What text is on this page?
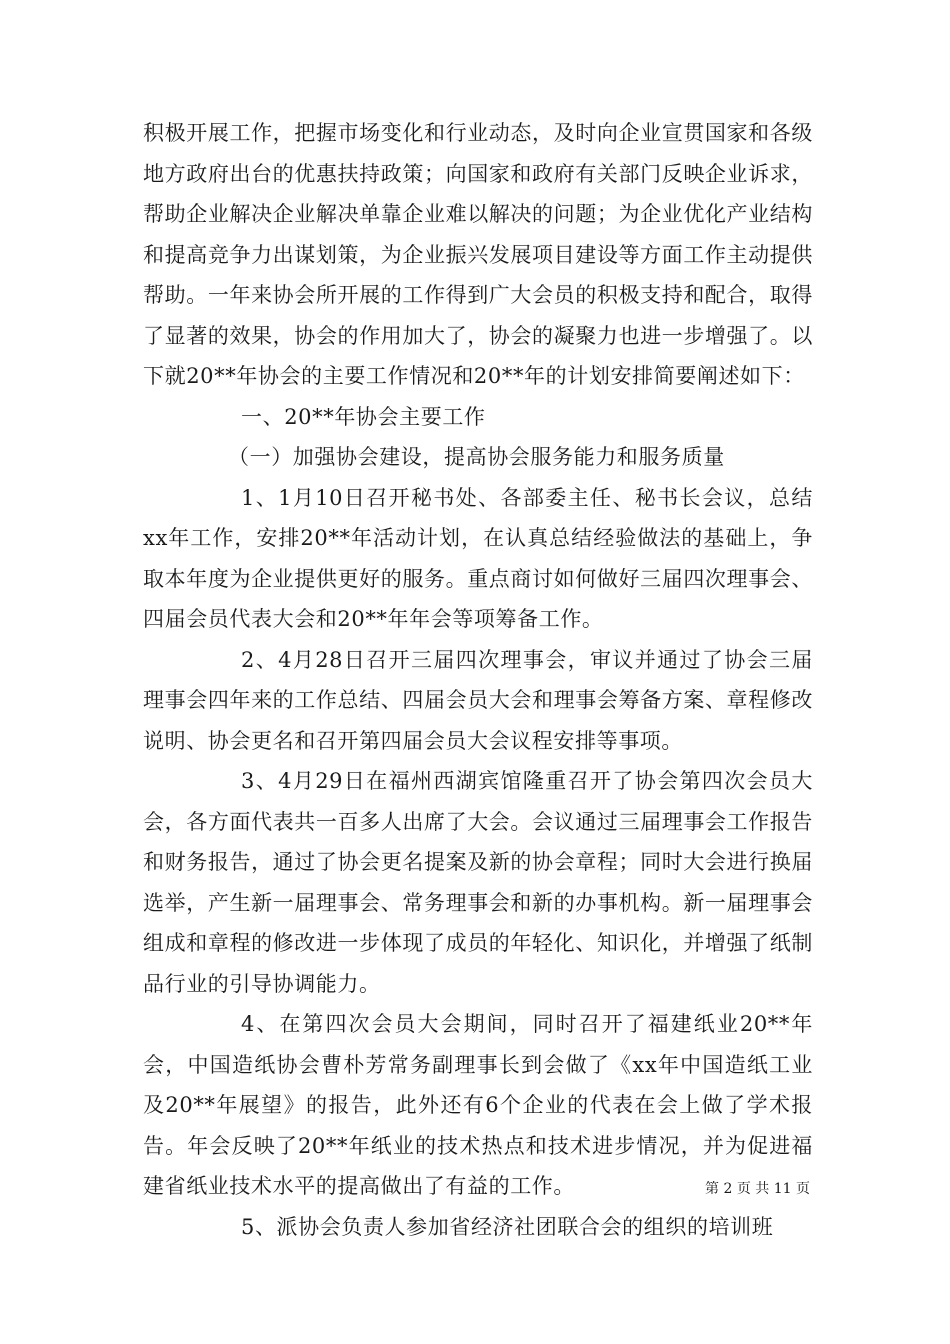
积极开展工作，把握市场变化和行业动态，及时向企业宣贯国家和各级地方政府出台的优惠扶持政策；向国家和政府有关部门反映企业诉求，帮助企业解决企业解决单靠企业难以解决的问题；为企业优化产业结构和提高竞争力出谋划策，为企业振兴发展项目建设等方面工作主动提供帮助。一年来协会所开展的工作得到广大会员的积极支持和配合，取得了显著的效果，协会的作用加大了，协会的凝聚力也进一步增强了。以下就20**年协会的主要工作情况和20**年的计划安排简要阐述如下：

一、20**年协会主要工作

（一）加强协会建设，提高协会服务能力和服务质量

1、1月10日召开秘书处、各部委主任、秘书长会议，总结xx年工作，安排20**年活动计划，在认真总结经验做法的基础上，争取本年度为企业提供更好的服务。重点商讨如何做好三届四次理事会、四届会员代表大会和20**年年会等项筹备工作。

2、4月28日召开三届四次理事会，审议并通过了协会三届理事会四年来的工作总结、四届会员大会和理事会筹备方案、章程修改说明、协会更名和召开第四届会员大会议程安排等事项。

3、4月29日在福州西湖宾馆隆重召开了协会第四次会员大会，各方面代表共一百多人出席了大会。会议通过三届理事会工作报告和财务报告，通过了协会更名提案及新的协会章程；同时大会进行换届选举，产生新一届理事会、常务理事会和新的办事机构。新一届理事会组成和章程的修改进一步体现了成员的年轻化、知识化，并增强了纸制品行业的引导协调能力。

4、在第四次会员大会期间，同时召开了福建纸业20**年会，中国造纸协会曹朴芳常务副理事长到会做了《xx年中国造纸工业及20**年展望》的报告，此外还有6个企业的代表在会上做了学术报告。年会反映了20**年纸业的技术热点和技术进步情况，并为促进福建省纸业技术水平的提高做出了有益的工作。

5、派协会负责人参加省经济社团联合会的组织的培训班

第 2 页 共 11 页
